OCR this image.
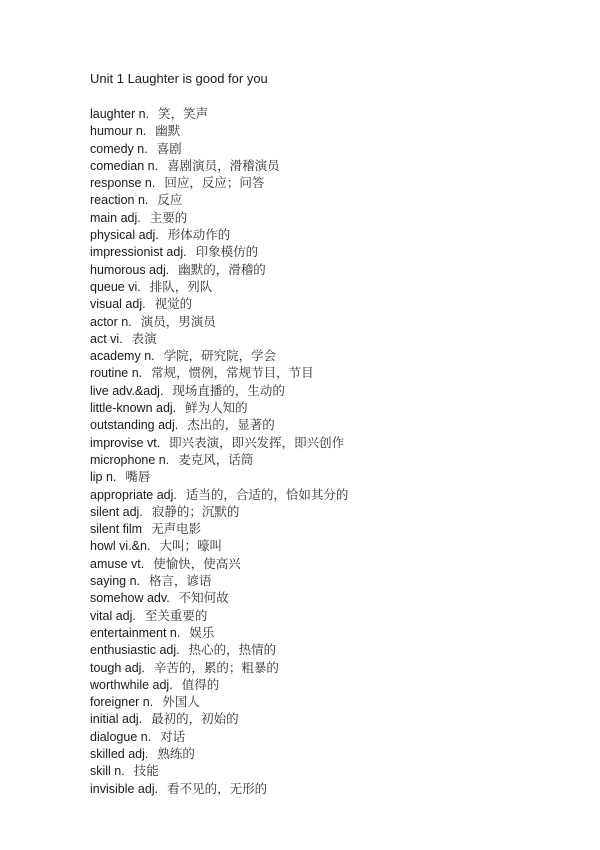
Unit 1 Laughter is good for you
laughter n. 笑，笑声
humour n. 幽默
comedy n. 喜剧
comedian n. 喜剧演员，滑稽演员
response n. 回应，反应；问答
reaction n. 反应
main adj. 主要的
physical adj. 形体动作的
impressionist adj. 印象模仿的
humorous adj. 幽默的，滑稽的
queue vi. 排队，列队
visual adj. 视觉的
actor n. 演员，男演员
act vi. 表演
academy n. 学院，研究院，学会
routine n. 常规，惯例，常规节目，节目
live adv.&adj. 现场直播的，生动的
little-known adj. 鲜为人知的
outstanding adj. 杰出的，显著的
improvise vt. 即兴表演，即兴发挥，即兴创作
microphone n. 麦克风，话筒
lip n. 嘴唇
appropriate adj. 适当的，合适的，恰如其分的
silent adj. 寂静的；沉默的
silent film 无声电影
howl vi.&n. 大叫；嚎叫
amuse vt. 使愉快，使高兴
saying n. 格言，谚语
somehow adv. 不知何故
vital adj. 至关重要的
entertainment n. 娱乐
enthusiastic adj. 热心的，热情的
tough adj. 辛苦的，累的；粗暴的
worthwhile adj. 值得的
foreigner n. 外国人
initial adj. 最初的，初始的
dialogue n. 对话
skilled adj. 熟练的
skill n. 技能
invisible adj. 看不见的，无形的
